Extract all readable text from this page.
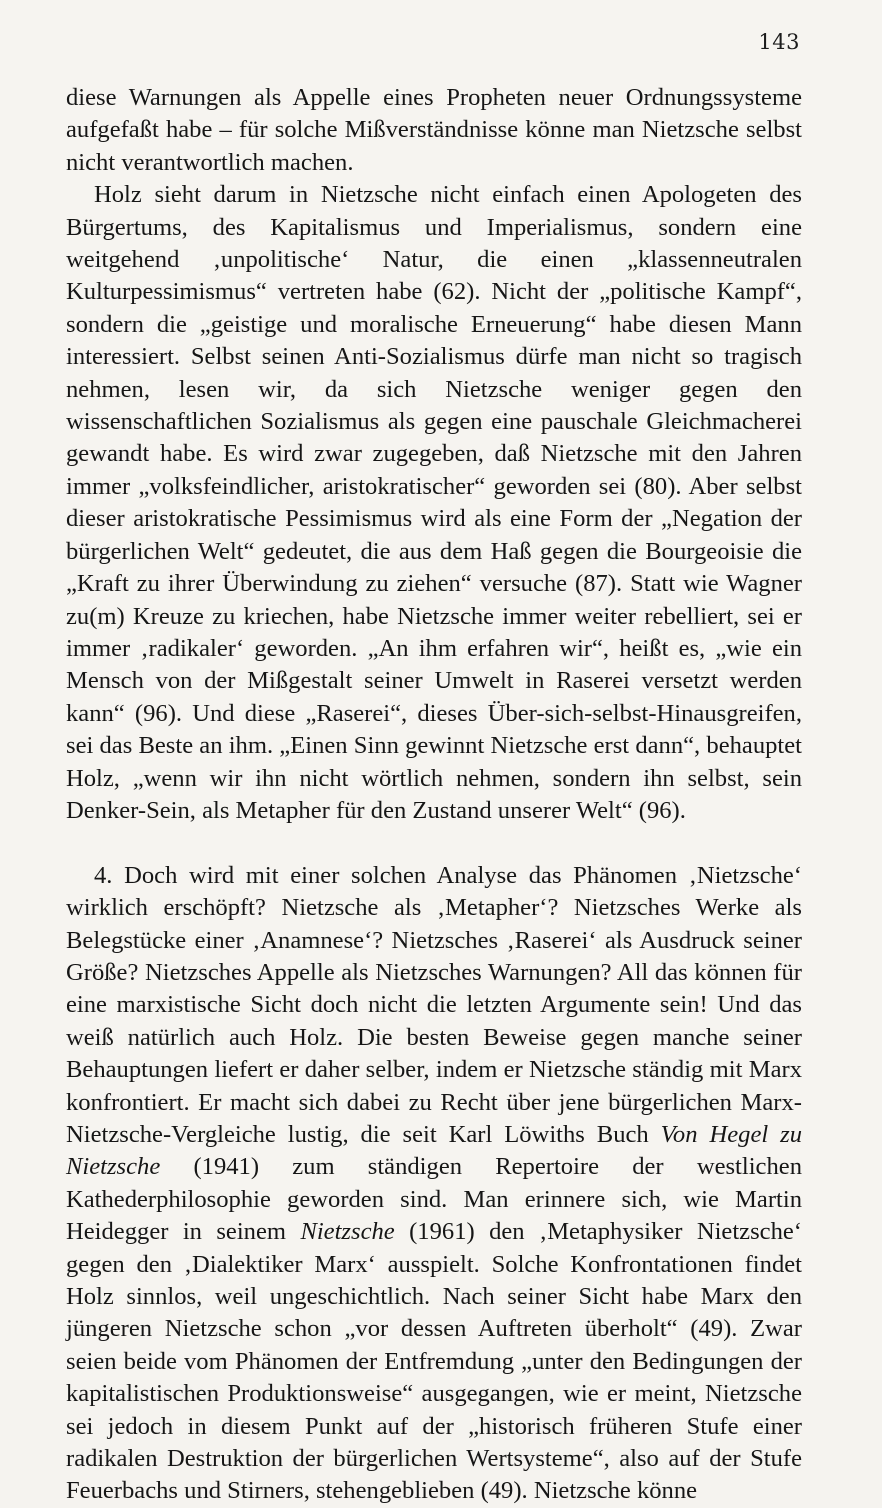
143

diese Warnungen als Appelle eines Propheten neuer Ordnungssysteme aufgefaßt habe – für solche Mißverständnisse könne man Nietzsche selbst nicht verantwortlich machen.

Holz sieht darum in Nietzsche nicht einfach einen Apologeten des Bürgertums, des Kapitalismus und Imperialismus, sondern eine weitgehend ‚unpolitische‘ Natur, die einen „klassenneutralen Kulturpessimismus“ vertreten habe (62). Nicht der „politische Kampf“, sondern die „geistige und moralische Erneuerung“ habe diesen Mann interessiert. Selbst seinen Anti-Sozialismus dürfe man nicht so tragisch nehmen, lesen wir, da sich Nietzsche weniger gegen den wissenschaftlichen Sozialismus als gegen eine pauschale Gleichmacherei gewandt habe. Es wird zwar zugegeben, daß Nietzsche mit den Jahren immer „volksfeindlicher, aristokratischer“ geworden sei (80). Aber selbst dieser aristokratische Pessimismus wird als eine Form der „Negation der bürgerlichen Welt“ gedeutet, die aus dem Haß gegen die Bourgeoisie die „Kraft zu ihrer Überwindung zu ziehen“ versuche (87). Statt wie Wagner zu(m) Kreuze zu kriechen, habe Nietzsche immer weiter rebelliert, sei er immer ‚radikaler‘ geworden. „An ihm erfahren wir“, heißt es, „wie ein Mensch von der Mißgestalt seiner Umwelt in Raserei versetzt werden kann“ (96). Und diese „Raserei“, dieses Über-sich-selbst-Hinausgreifen, sei das Beste an ihm. „Einen Sinn gewinnt Nietzsche erst dann“, behauptet Holz, „wenn wir ihn nicht wörtlich nehmen, sondern ihn selbst, sein Denker-Sein, als Metapher für den Zustand unserer Welt“ (96).

4. Doch wird mit einer solchen Analyse das Phänomen ‚Nietzsche‘ wirklich erschöpft? Nietzsche als ‚Metapher‘? Nietzsches Werke als Belegstücke einer ‚Anamnese‘? Nietzsches ‚Raserei‘ als Ausdruck seiner Größe? Nietzsches Appelle als Nietzsches Warnungen? All das können für eine marxistische Sicht doch nicht die letzten Argumente sein! Und das weiß natürlich auch Holz. Die besten Beweise gegen manche seiner Behauptungen liefert er daher selber, indem er Nietzsche ständig mit Marx konfrontiert. Er macht sich dabei zu Recht über jene bürgerlichen Marx-Nietzsche-Vergleiche lustig, die seit Karl Löwiths Buch Von Hegel zu Nietzsche (1941) zum ständigen Repertoire der westlichen Kathederphilosophie geworden sind. Man erinnere sich, wie Martin Heidegger in seinem Nietzsche (1961) den ‚Metaphysiker Nietzsche‘ gegen den ‚Dialektiker Marx‘ ausspielt. Solche Konfrontationen findet Holz sinnlos, weil ungeschichtlich. Nach seiner Sicht habe Marx den jüngeren Nietzsche schon „vor dessen Auftreten überholt“ (49). Zwar seien beide vom Phänomen der Entfremdung „unter den Bedingungen der kapitalistischen Produktionsweise“ ausgegangen, wie er meint, Nietzsche sei jedoch in diesem Punkt auf der „historisch früheren Stufe einer radikalen Destruktion der bürgerlichen Wertsysteme“, also auf der Stufe Feuerbachs und Stirners, stehengeblieben (49). Nietzsche könne
